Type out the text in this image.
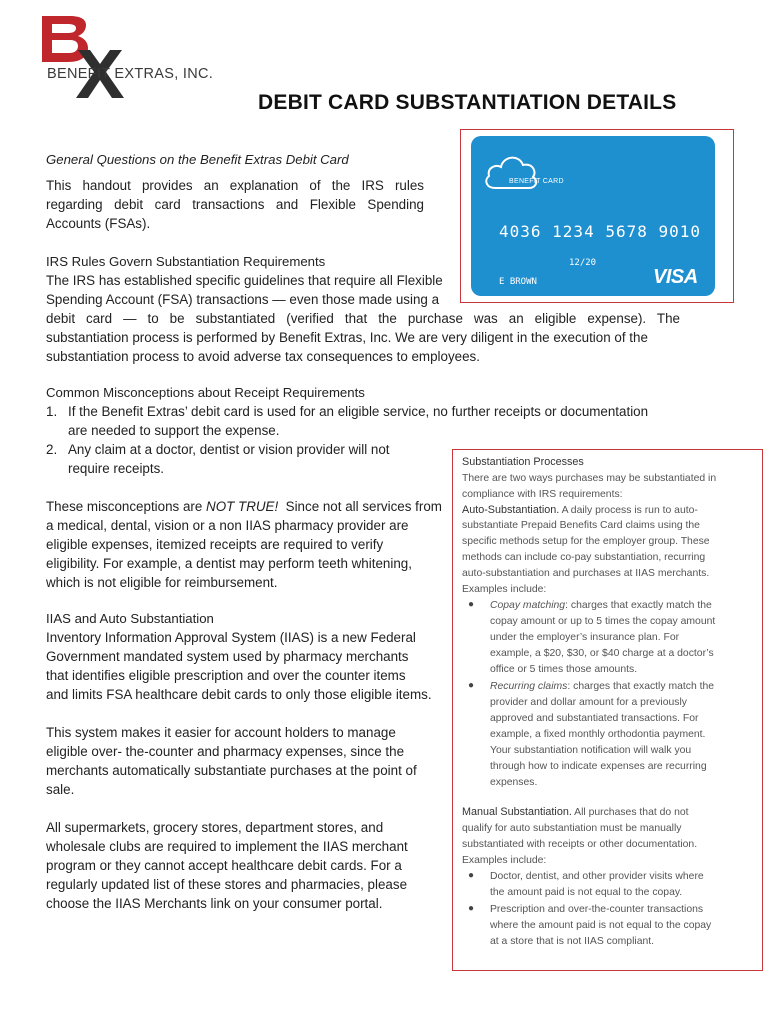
BENEFIT EXTRAS, INC.
DEBIT CARD SUBSTANTIATION DETAILS
BENEFIT CARD
4036 1234 5678 9010
12/20
E BROWN	VISA
General Questions on the Benefit Extras Debit Card
This handout provides an explanation of the IRS rules
regarding debit card transactions and Flexible Spending
Accounts (FSAs).
IRS Rules Govern Substantiation Requirements
The IRS has established specific guidelines that require all Flexible
Spending Account (FSA) transactions — even those made using a
debit card — to be substantiated (verified that the purchase was an eligible expense). The
substantiation process is performed by Benefit Extras, Inc. We are very diligent in the execution of the
substantiation process to avoid adverse tax consequences to employees.
Common Misconceptions about Receipt Requirements
1. If the Benefit Extras’ debit card is used for an eligible service, no further receipts or documentation
are needed to support the expense.
2. Any claim at a doctor, dentist or vision provider will not
require receipts.
These misconceptions are NOT TRUE!  Since not all services from
a medical, dental, vision or a non IIAS pharmacy provider are
eligible expenses, itemized receipts are required to verify
eligibility. For example, a dentist may perform teeth whitening,
which is not eligible for reimbursement.
IIAS and Auto Substantiation
Inventory Information Approval System (IIAS) is a new Federal
Government mandated system used by pharmacy merchants
that identifies eligible prescription and over the counter items
and limits FSA healthcare debit cards to only those eligible items.
This system makes it easier for account holders to manage
eligible over- the-counter and pharmacy expenses, since the
merchants automatically substantiate purchases at the point of
sale.
All supermarkets, grocery stores, department stores, and
wholesale clubs are required to implement the IIAS merchant
program or they cannot accept healthcare debit cards. For a
regularly updated list of these stores and pharmacies, please
choose the IIAS Merchants link on your consumer portal.
Substantiation Processes
There are two ways purchases may be substantiated in
compliance with IRS requirements:
Auto-Substantiation. A daily process is run to auto-
substantiate Prepaid Benefits Card claims using the
specific methods setup for the employer group. These
methods can include co-pay substantiation, recurring
auto-substantiation and purchases at IIAS merchants.
Examples include:
● Copay matching: charges that exactly match the
copay amount or up to 5 times the copay amount
under the employer’s insurance plan. For
example, a $20, $30, or $40 charge at a doctor’s
office or 5 times those amounts.
● Recurring claims: charges that exactly match the
provider and dollar amount for a previously
approved and substantiated transactions. For
example, a fixed monthly orthodontia payment.
Your substantiation notification will walk you
through how to indicate expenses are recurring
expenses.
Manual Substantiation. All purchases that do not
qualify for auto substantiation must be manually
substantiated with receipts or other documentation.
Examples include:
● Doctor, dentist, and other provider visits where
the amount paid is not equal to the copay.
● Prescription and over-the-counter transactions
where the amount paid is not equal to the copay
at a store that is not IIAS compliant.
